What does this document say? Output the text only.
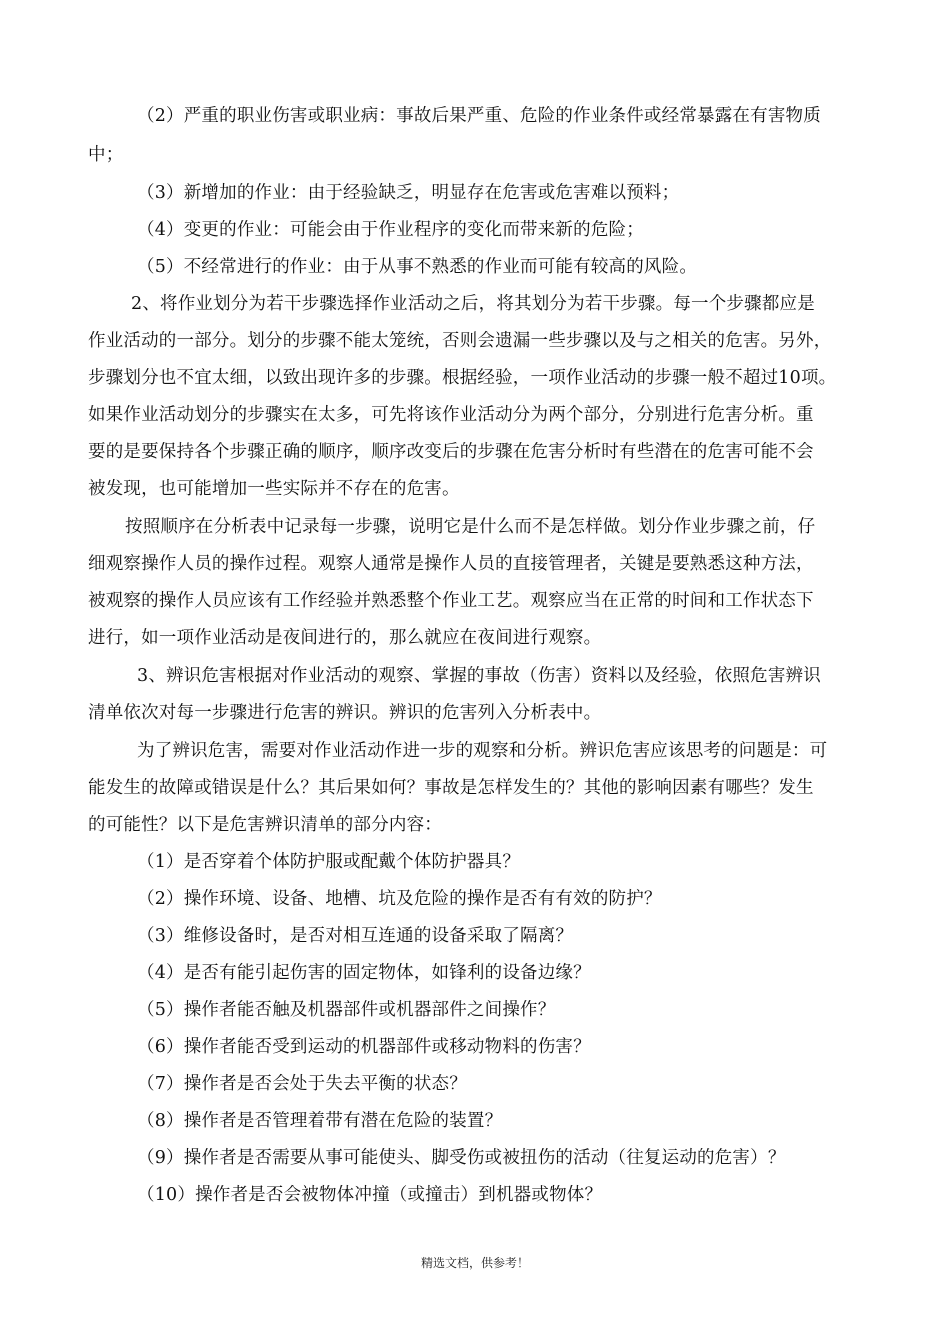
（2）严重的职业伤害或职业病：事故后果严重、危险的作业条件或经常暴露在有害物质
中；
（3）新增加的作业：由于经验缺乏，明显存在危害或危害难以预料；
（4）变更的作业：可能会由于作业程序的变化而带来新的危险；
（5）不经常进行的作业：由于从事不熟悉的作业而可能有较高的风险。
2、将作业划分为若干步骤选择作业活动之后，将其划分为若干步骤。每一个步骤都应是
作业活动的一部分。划分的步骤不能太笼统，否则会遗漏一些步骤以及与之相关的危害。另外，
步骤划分也不宜太细，以致出现许多的步骤。根据经验，一项作业活动的步骤一般不超过10项。
如果作业活动划分的步骤实在太多，可先将该作业活动分为两个部分，分别进行危害分析。重
要的是要保持各个步骤正确的顺序，顺序改变后的步骤在危害分析时有些潜在的危害可能不会
被发现，也可能增加一些实际并不存在的危害。
按照顺序在分析表中记录每一步骤，说明它是什么而不是怎样做。划分作业步骤之前，仔
细观察操作人员的操作过程。观察人通常是操作人员的直接管理者，关键是要熟悉这种方法，
被观察的操作人员应该有工作经验并熟悉整个作业工艺。观察应当在正常的时间和工作状态下
进行，如一项作业活动是夜间进行的，那么就应在夜间进行观察。
3、辨识危害根据对作业活动的观察、掌握的事故（伤害）资料以及经验，依照危害辨识
清单依次对每一步骤进行危害的辨识。辨识的危害列入分析表中。
为了辨识危害，需要对作业活动作进一步的观察和分析。辨识危害应该思考的问题是：可
能发生的故障或错误是什么？其后果如何？事故是怎样发生的？其他的影响因素有哪些？发生
的可能性？以下是危害辨识清单的部分内容：
（1）是否穿着个体防护服或配戴个体防护器具？
（2）操作环境、设备、地槽、坑及危险的操作是否有有效的防护？
（3）维修设备时，是否对相互连通的设备采取了隔离？
（4）是否有能引起伤害的固定物体，如锋利的设备边缘？
（5）操作者能否触及机器部件或机器部件之间操作？
（6）操作者能否受到运动的机器部件或移动物料的伤害？
（7）操作者是否会处于失去平衡的状态？
（8）操作者是否管理着带有潜在危险的装置？
（9）操作者是否需要从事可能使头、脚受伤或被扭伤的活动（往复运动的危害）？
（10）操作者是否会被物体冲撞（或撞击）到机器或物体？
精选文档，供参考！
